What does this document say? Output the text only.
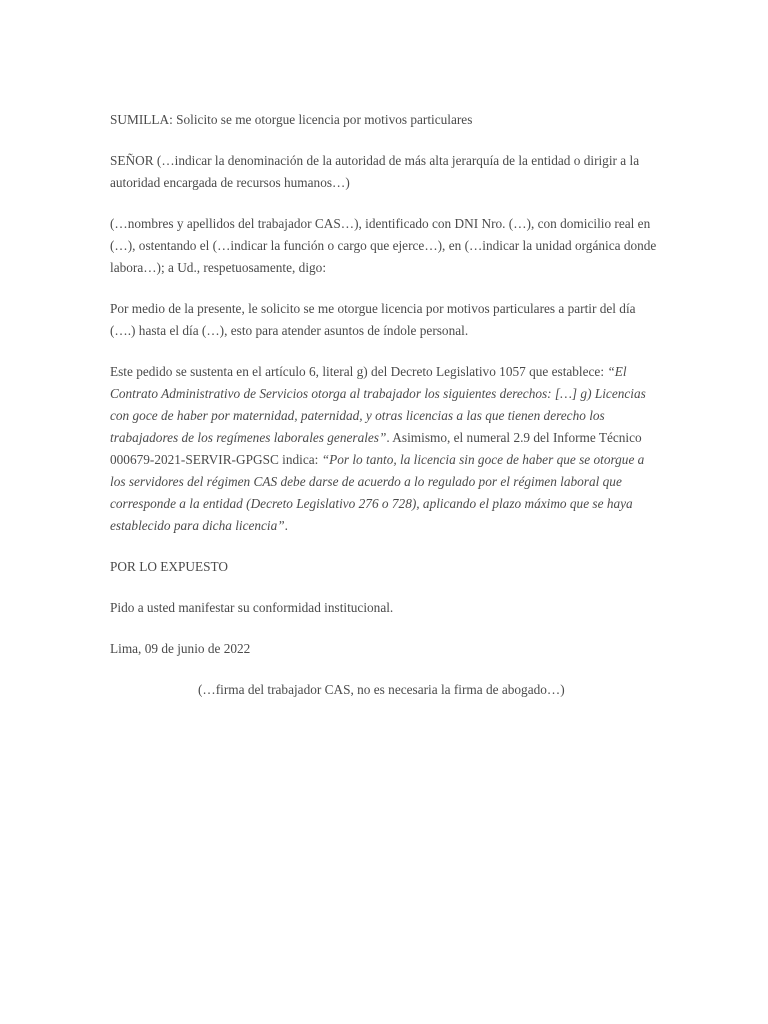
SUMILLA: Solicito se me otorgue licencia por motivos particulares

SEÑOR (…indicar la denominación de la autoridad de más alta jerarquía de la entidad o dirigir a la autoridad encargada de recursos humanos…)

(…nombres y apellidos del trabajador CAS…), identificado con DNI Nro. (…), con domicilio real en (…), ostentando el (…indicar la función o cargo que ejerce…), en (…indicar la unidad orgánica donde labora…); a Ud., respetuosamente, digo:

Por medio de la presente, le solicito se me otorgue licencia por motivos particulares a partir del día (….) hasta el día (…), esto para atender asuntos de índole personal.

Este pedido se sustenta en el artículo 6, literal g) del Decreto Legislativo 1057 que establece: “El Contrato Administrativo de Servicios otorga al trabajador los siguientes derechos: […] g) Licencias con goce de haber por maternidad, paternidad, y otras licencias a las que tienen derecho los trabajadores de los regímenes laborales generales”. Asimismo, el numeral 2.9 del Informe Técnico 000679-2021-SERVIR-GPGSC indica: “Por lo tanto, la licencia sin goce de haber que se otorgue a los servidores del régimen CAS debe darse de acuerdo a lo regulado por el régimen laboral que corresponde a la entidad (Decreto Legislativo 276 o 728), aplicando el plazo máximo que se haya establecido para dicha licencia”.

POR LO EXPUESTO

Pido a usted manifestar su conformidad institucional.

Lima, 09 de junio de 2022

(…firma del trabajador CAS, no es necesaria la firma de abogado…)
